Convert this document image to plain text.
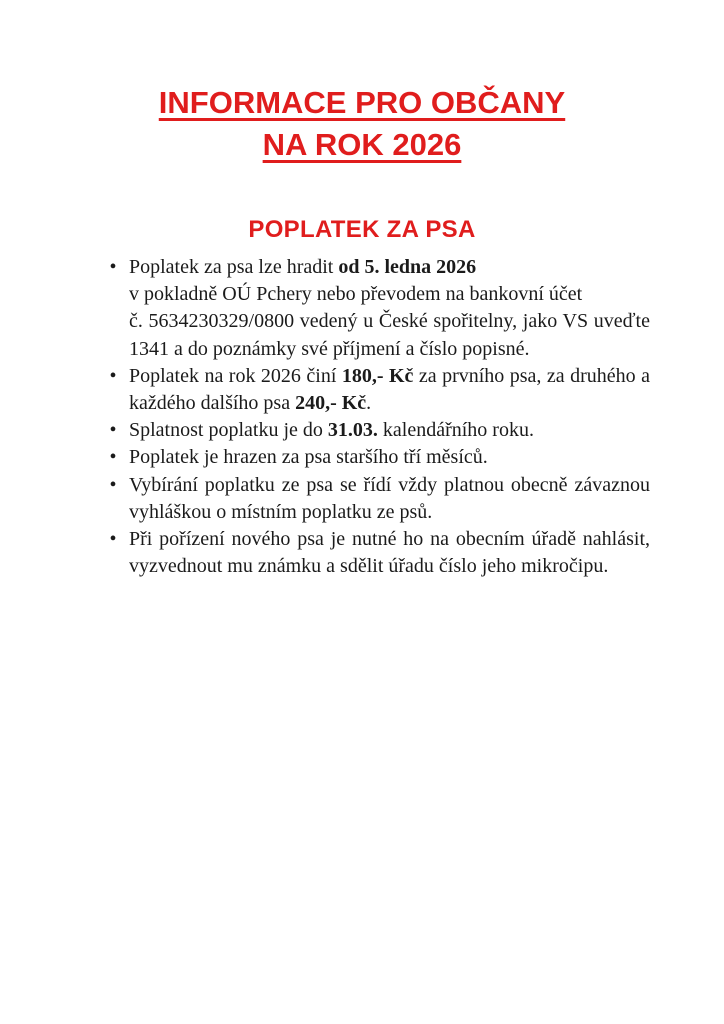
INFORMACE PRO OBČANY
NA ROK 2026
POPLATEK ZA PSA
• Poplatek za psa lze hradit od 5. ledna 2026
v pokladně OÚ Pchery nebo převodem na bankovní účet
č. 5634230329/0800 vedený u České spořitelny, jako VS uveďte
1341 a do poznámky své příjmení a číslo popisné.
• Poplatek na rok 2026 činí 180,- Kč za prvního psa, za druhého a
každého dalšího psa 240,- Kč.
• Splatnost poplatku je do 31.03. kalendářního roku.
• Poplatek je hrazen za psa staršího tří měsíců.
• Vybírání poplatku ze psa se řídí vždy platnou obecně závaznou
vyhláškou o místním poplatku ze psů.
• Při pořízení nového psa je nutné ho na obecním úřadě nahlásit,
vyzvednout mu známku a sdělit úřadu číslo jeho mikročipu.
